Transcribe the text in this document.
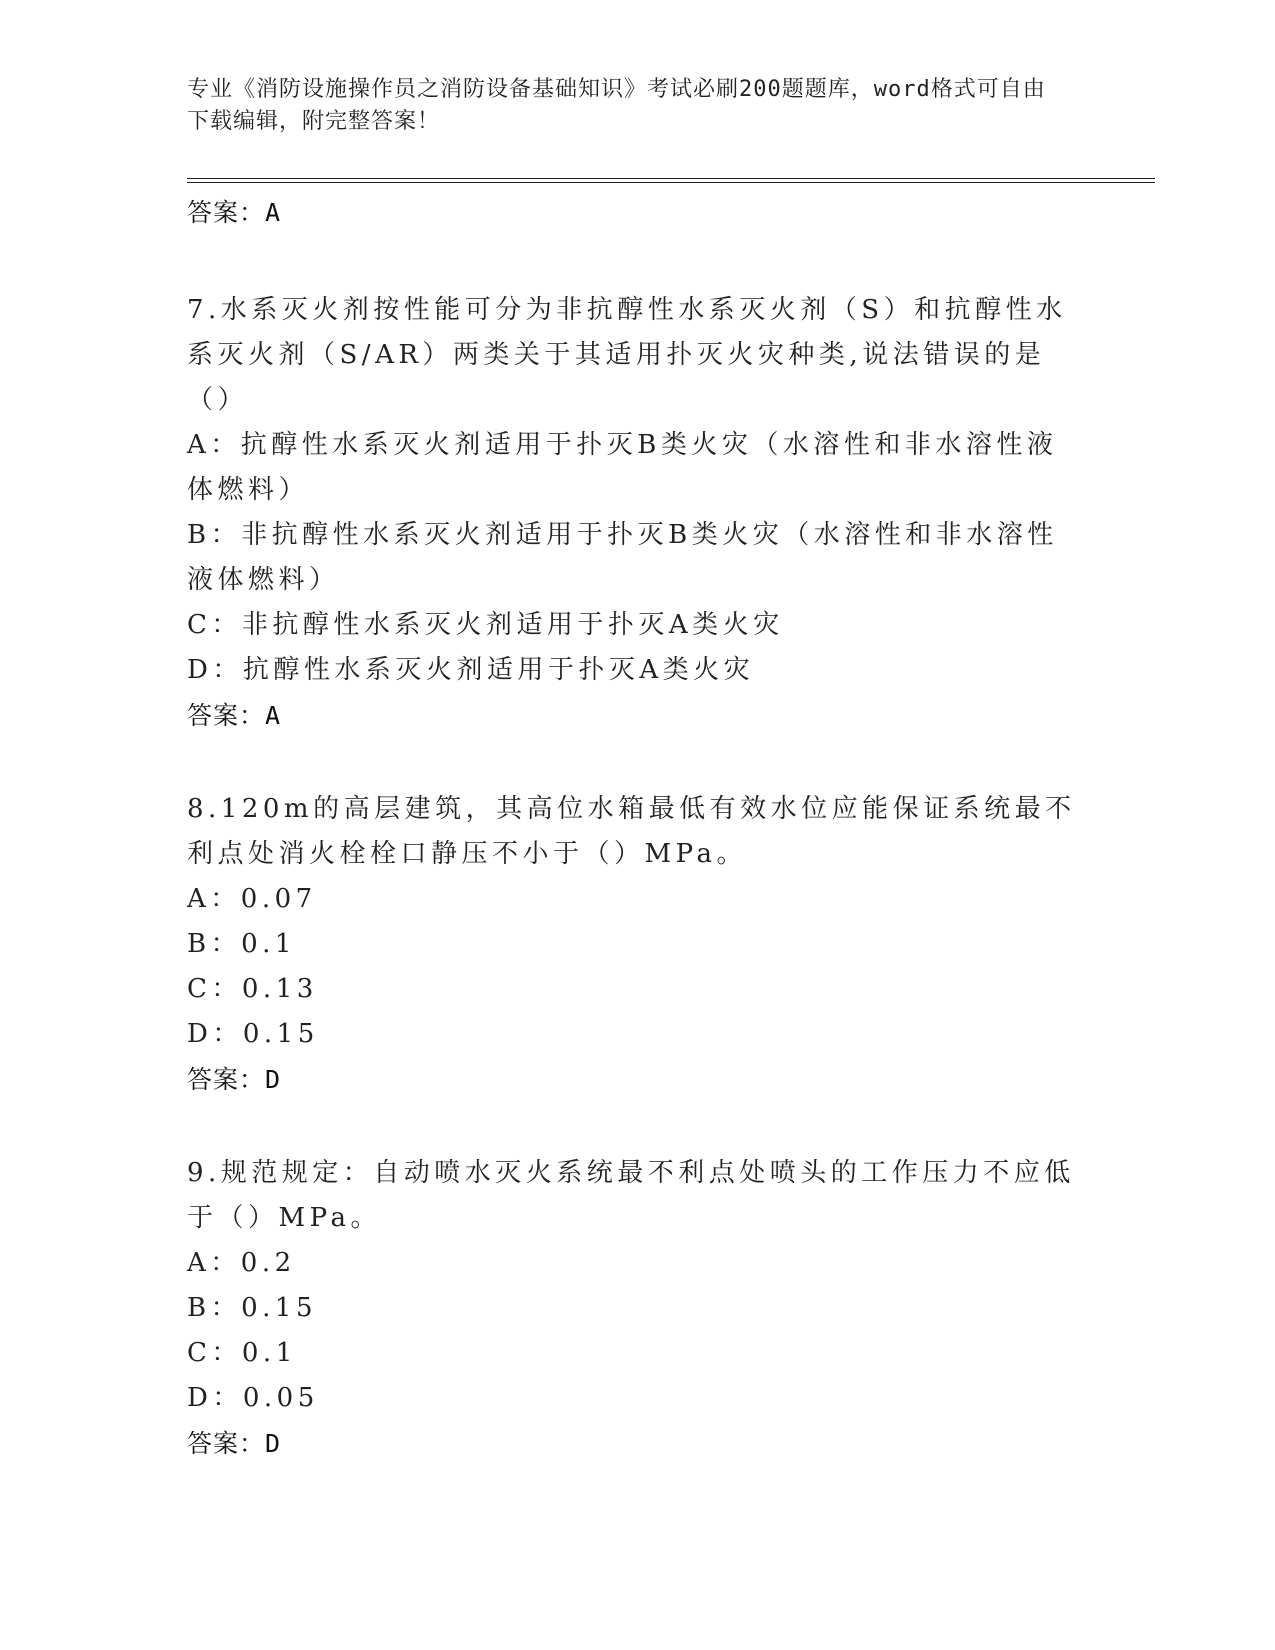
专业《消防设施操作员之消防设备基础知识》考试必刷200题题库，word格式可自由下载编辑，附完整答案！
答案：A

7.水系灭火剂按性能可分为非抗醇性水系灭火剂（S）和抗醇性水系灭火剂（S/AR）两类关于其适用扑灭火灾种类,说法错误的是（）

A：抗醇性水系灭火剂适用于扑灭B类火灾（水溶性和非水溶性液体燃料）
B：非抗醇性水系灭火剂适用于扑灭B类火灾（水溶性和非水溶性液体燃料）
C：非抗醇性水系灭火剂适用于扑灭A类火灾
D：抗醇性水系灭火剂适用于扑灭A类火灾
答案：A

8.120m的高层建筑，其高位水箱最低有效水位应能保证系统最不利点处消火栓栓口静压不小于（）MPa。

A：0.07
B：0.1
C：0.13
D：0.15
答案：D

9.规范规定：自动喷水灭火系统最不利点处喷头的工作压力不应低于（）MPa。

A：0.2
B：0.15
C：0.1
D：0.05
答案：D
